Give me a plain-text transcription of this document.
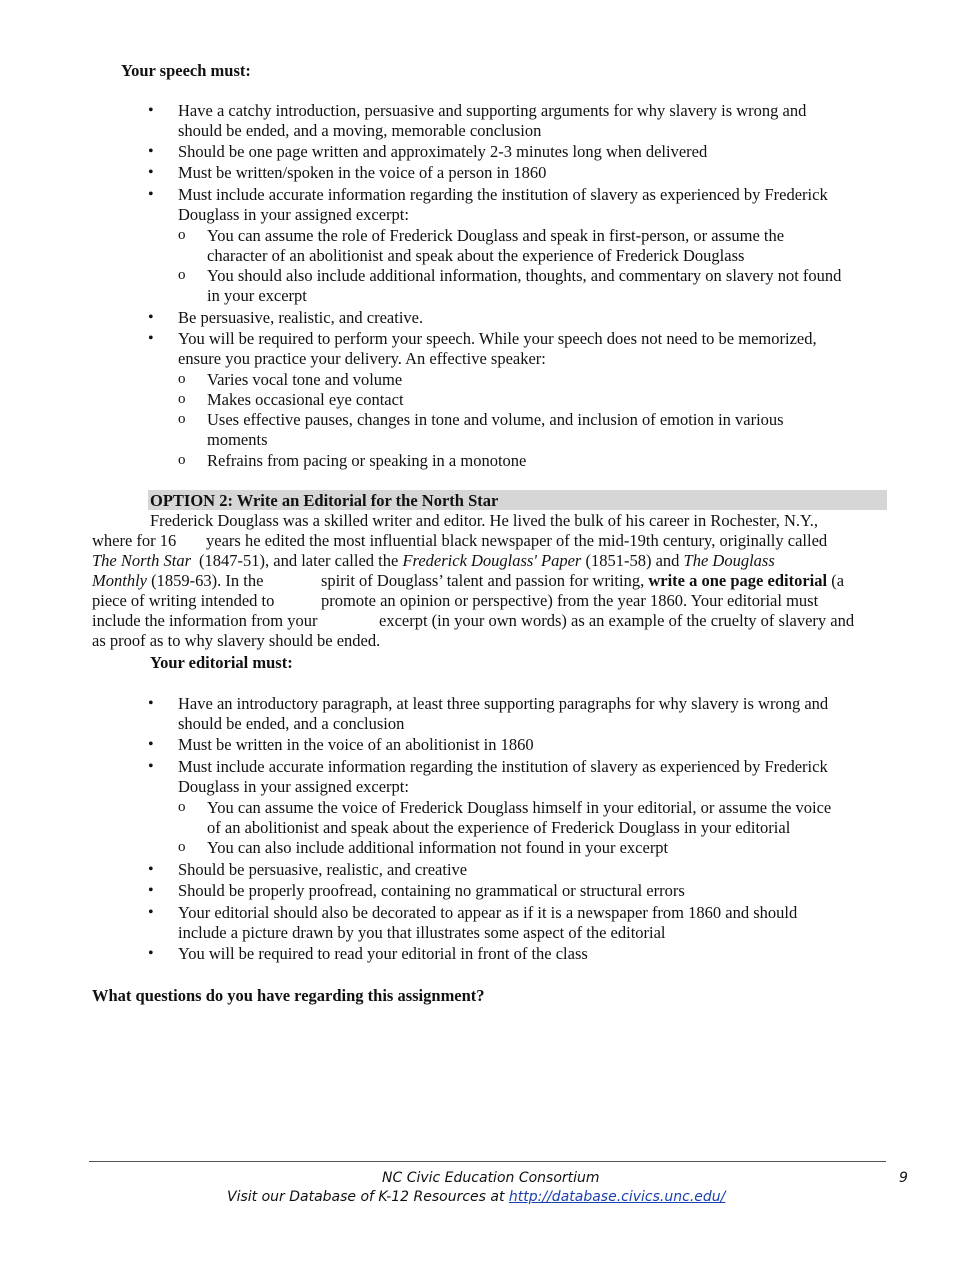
Your speech must:
• Have a catchy introduction, persuasive and supporting arguments for why slavery is wrong and
should be ended, and a moving, memorable conclusion
• Should be one page written and approximately 2-3 minutes long when delivered
• Must be written/spoken in the voice of a person in 1860
• Must include accurate information regarding the institution of slavery as experienced by Frederick
Douglass in your assigned excerpt:
o You can assume the role of Frederick Douglass and speak in first-person, or assume the
character of an abolitionist and speak about the experience of Frederick Douglass
o You should also include additional information, thoughts, and commentary on slavery not found
in your excerpt
• Be persuasive, realistic, and creative.
• You will be required to perform your speech. While your speech does not need to be memorized,
ensure you practice your delivery. An effective speaker:
o Varies vocal tone and volume
o Makes occasional eye contact
o Uses effective pauses, changes in tone and volume, and inclusion of emotion in various
moments
o Refrains from pacing or speaking in a monotone
OPTION 2: Write an Editorial for the North Star
Frederick Douglass was a skilled writer and editor. He lived the bulk of his career in Rochester, N.Y.,
where for 16 years he edited the most influential black newspaper of the mid-19th century, originally called
The North Star (1847-51), and later called the Frederick Douglass' Paper (1851-58) and The Douglass
Monthly (1859-63). In the	spirit of Douglass’ talent and passion for writing, write a one page editorial (a
piece of writing intended to	promote an opinion or perspective) from the year 1860. Your editorial must
include the information from your	excerpt (in your own words) as an example of the cruelty of slavery and
as proof as to why slavery should be ended.
Your editorial must:
• Have an introductory paragraph, at least three supporting paragraphs for why slavery is wrong and
should be ended, and a conclusion
• Must be written in the voice of an abolitionist in 1860
• Must include accurate information regarding the institution of slavery as experienced by Frederick
Douglass in your assigned excerpt:
o You can assume the voice of Frederick Douglass himself in your editorial, or assume the voice
of an abolitionist and speak about the experience of Frederick Douglass in your editorial
o You can also include additional information not found in your excerpt
• Should be persuasive, realistic, and creative
• Should be properly proofread, containing no grammatical or structural errors
• Your editorial should also be decorated to appear as if it is a newspaper from 1860 and should
include a picture drawn by you that illustrates some aspect of the editorial
• You will be required to read your editorial in front of the class
What questions do you have regarding this assignment?
NC Civic Education Consortium
Visit our Database of K-12 Resources at http://database.civics.unc.edu/
9
